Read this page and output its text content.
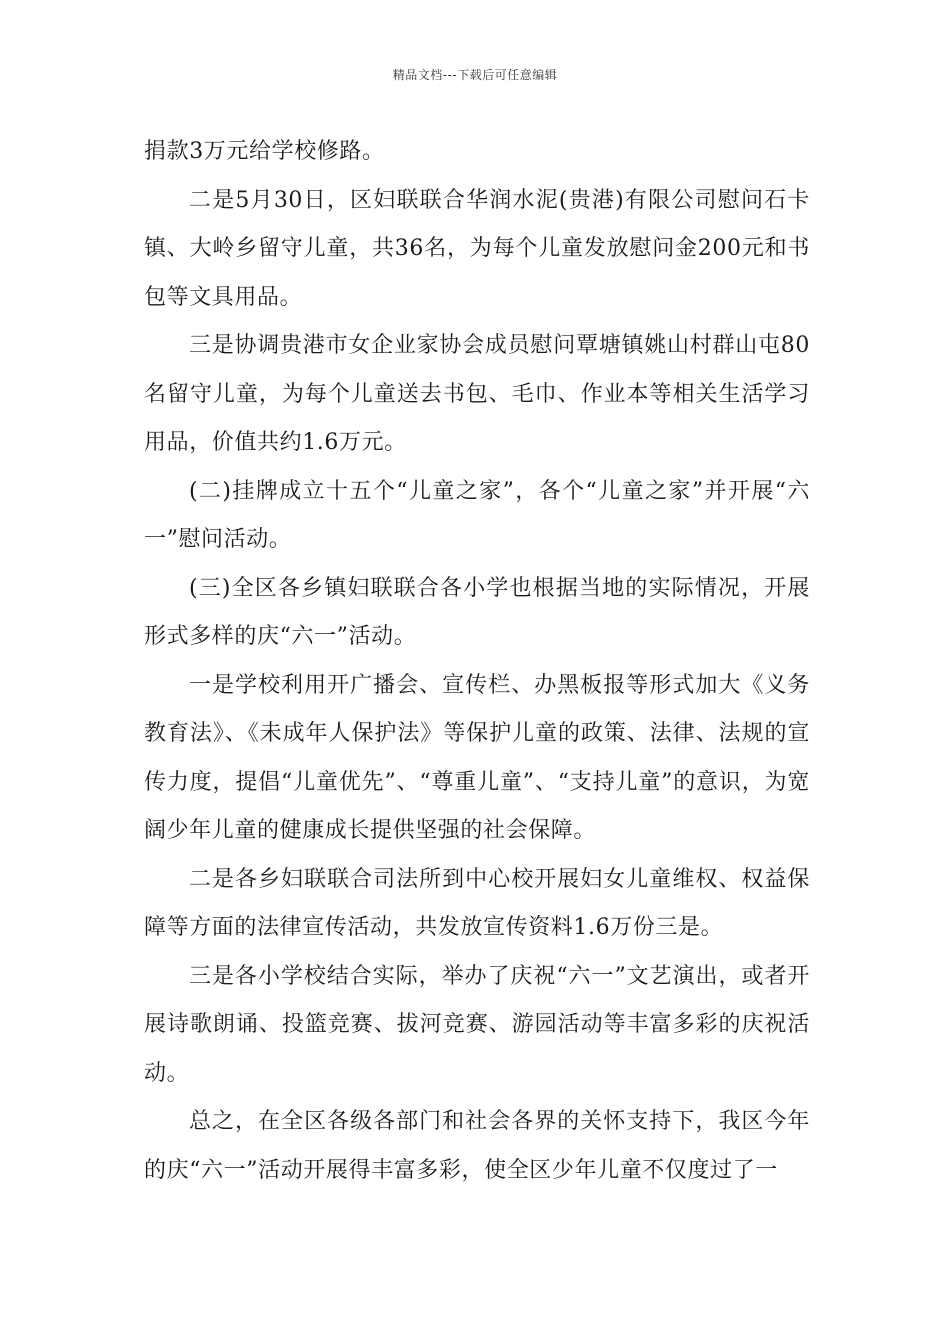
精品文档---下载后可任意编辑

捐款3万元给学校修路。

二是5月30日，区妇联联合华润水泥(贵港)有限公司慰问石卡镇、大岭乡留守儿童，共36名，为每个儿童发放慰问金200元和书包等文具用品。

三是协调贵港市女企业家协会成员慰问覃塘镇姚山村群山屯80名留守儿童，为每个儿童送去书包、毛巾、作业本等相关生活学习用品，价值共约1.6万元。

(二)挂牌成立十五个“儿童之家”，各个“儿童之家”并开展“六一”慰问活动。

(三)全区各乡镇妇联联合各小学也根据当地的实际情况，开展形式多样的庆“六一”活动。

一是学校利用开广播会、宣传栏、办黑板报等形式加大《义务教育法》、《未成年人保护法》等保护儿童的政策、法律、法规的宣传力度，提倡“儿童优先”、“尊重儿童”、“支持儿童”的意识，为宽阔少年儿童的健康成长提供坚强的社会保障。

二是各乡妇联联合司法所到中心校开展妇女儿童维权、权益保障等方面的法律宣传活动，共发放宣传资料1.6万份三是。

三是各小学校结合实际，举办了庆祝“六一”文艺演出，或者开展诗歌朗诵、投篮竞赛、拔河竞赛、游园活动等丰富多彩的庆祝活动。

总之，在全区各级各部门和社会各界的关怀支持下，我区今年的庆“六一”活动开展得丰富多彩，使全区少年儿童不仅度过了一
